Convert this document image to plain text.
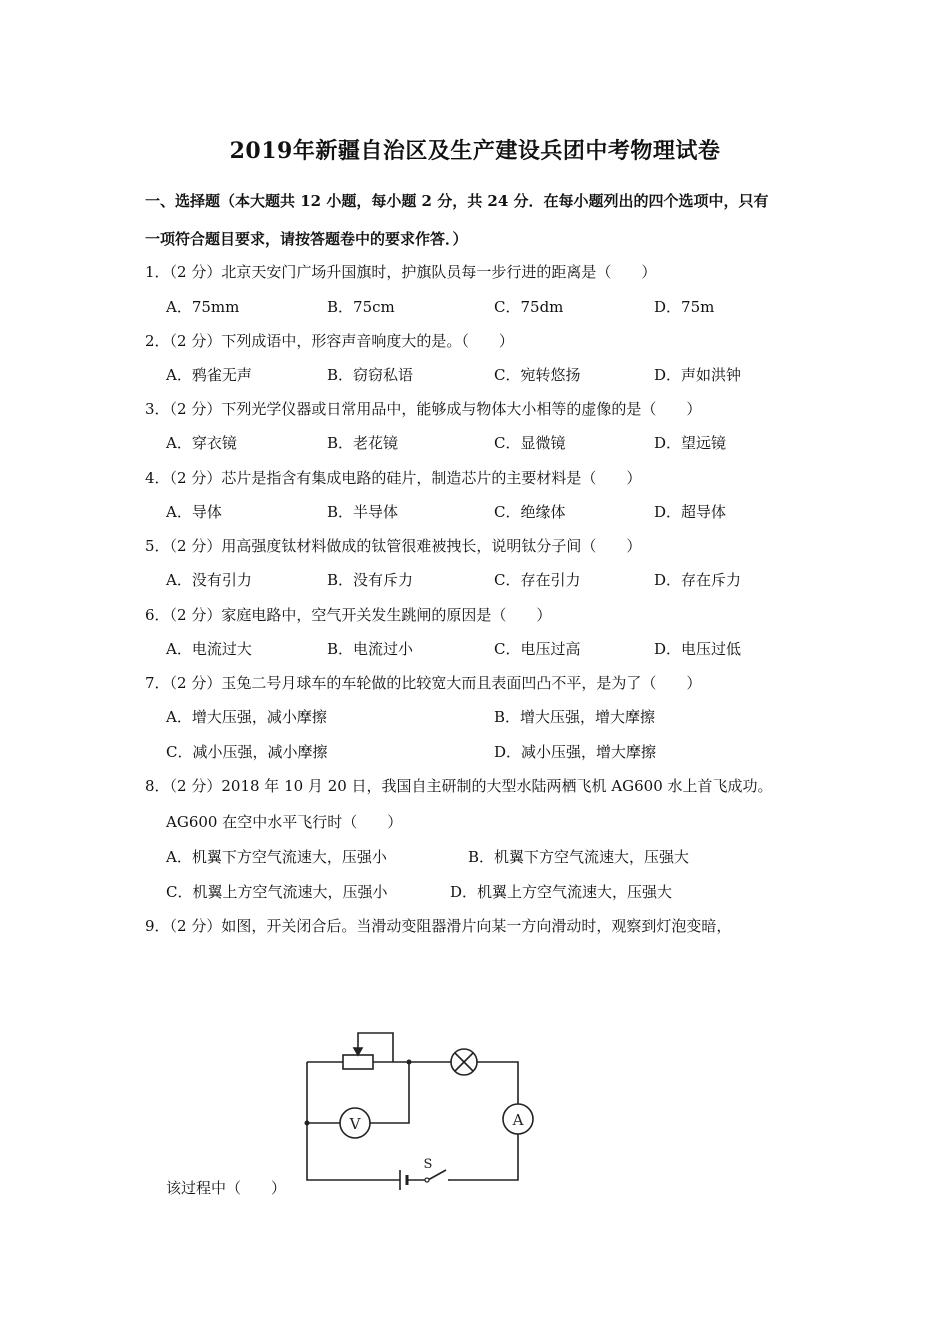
2019年新疆自治区及生产建设兵团中考物理试卷
一、选择题（本大题共 12 小题，每小题 2 分，共 24 分．在每小题列出的四个选项中，只有
一项符合题目要求，请按答题卷中的要求作答．）
1．（2 分）北京天安门广场升国旗时，护旗队员每一步行进的距离是（　　）
A．75mm	B．75cm	C．75dm	D．75m
2．（2 分）下列成语中，形容声音响度大的是。（　　）
A．鸦雀无声	B．窃窃私语	C．宛转悠扬	D．声如洪钟
3．（2 分）下列光学仪器或日常用品中，能够成与物体大小相等的虚像的是（　　）
A．穿衣镜	B．老花镜	C．显微镜	D．望远镜
4．（2 分）芯片是指含有集成电路的硅片，制造芯片的主要材料是（　　）
A．导体	B．半导体	C．绝缘体	D．超导体
5．（2 分）用高强度钛材料做成的钛管很难被拽长，说明钛分子间（　　）
A．没有引力	B．没有斥力	C．存在引力	D．存在斥力
6．（2 分）家庭电路中，空气开关发生跳闸的原因是（　　）
A．电流过大	B．电流过小	C．电压过高	D．电压过低
7．（2 分）玉兔二号月球车的车轮做的比较宽大而且表面凹凸不平，是为了（　　）
A．增大压强，减小摩擦	B．增大压强，增大摩擦
C．减小压强，减小摩擦	D．减小压强，增大摩擦
8．（2 分）2018 年 10 月 20 日，我国自主研制的大型水陆两栖飞机 AG600 水上首飞成功。
AG600 在空中水平飞行时（　　）
A．机翼下方空气流速大，压强小	B．机翼下方空气流速大，压强大
C．机翼上方空气流速大，压强小	D．机翼上方空气流速大，压强大
9．（2 分）如图，开关闭合后。当滑动变阻器滑片向某一方向滑动时，观察到灯泡变暗，
该过程中（　　）
V	A
S
